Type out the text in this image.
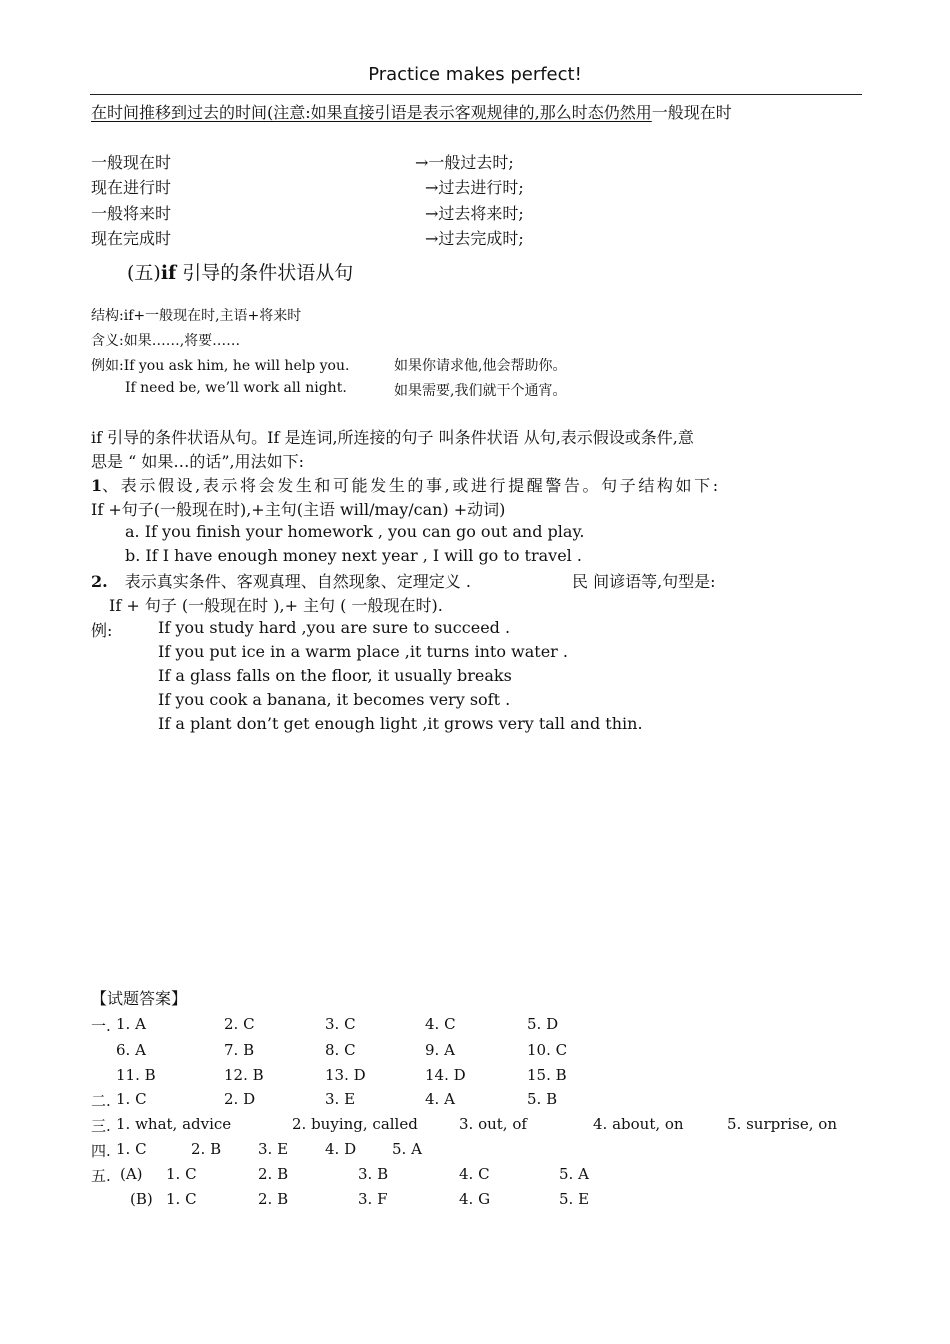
Practice makes perfect!
在时间推移到过去的时间(注意:如果直接引语是表示客观规律的,那么时态仍然用一般现在时
一般现在时	→一般过去时;
现在进行时	→过去进行时;
一般将来时	→过去将来时;
现在完成时	→过去完成时;
(五)if 引导的条件状语从句
结构:if+一般现在时,主语+将来时
含义:如果……,将要……
例如:If you ask him, he will help you.	如果你请求他,他会帮助你。
If need be, we’ll work all night.	如果需要,我们就干个通宵。
if 引导的条件状语从句。If 是连词,所连接的句子 叫条件状语 从句,表示假设或条件,意
思是 “ 如果…的话”,用法如下:
1、表示假设,表示将会发生和可能发生的事,或进行提醒警告。句子结构如下:
If +句子(一般现在时),+主句(主语 will/may/can) +动词)
a. If you finish your homework , you can go out and play.
b. If I have enough money next year , I will go to travel .
2. 表示真实条件、客观真理、自然现象、定理定义 .	民 间谚语等,句型是:
If + 句子 (一般现在时 ),+ 主句 ( 一般现在时).
例:	If you study hard ,you are sure to succeed .
If you put ice in a warm place ,it turns into water .
If a glass falls on the floor, it usually breaks
If you cook a banana, it becomes very soft .
If a plant don’t get enough light ,it grows very tall and thin.
【试题答案】
一. 1. A	2. C	3. C	4. C	5. D
6. A	7. B	8. C	9. A	10. C
11. B	12. B	13. D	14. D	15. B
二. 1. C	2. D	3. E	4. A	5. B
三. 1. what, advice	2. buying, called	3. out, of	4. about, on	5. surprise, on
四. 1. C	2. B 3. E 4. D 5. A
五. (A) 1. C	2. B	3. B	4. C	5. A
(B) 1. C	2. B	3. F	4. G	5. E
